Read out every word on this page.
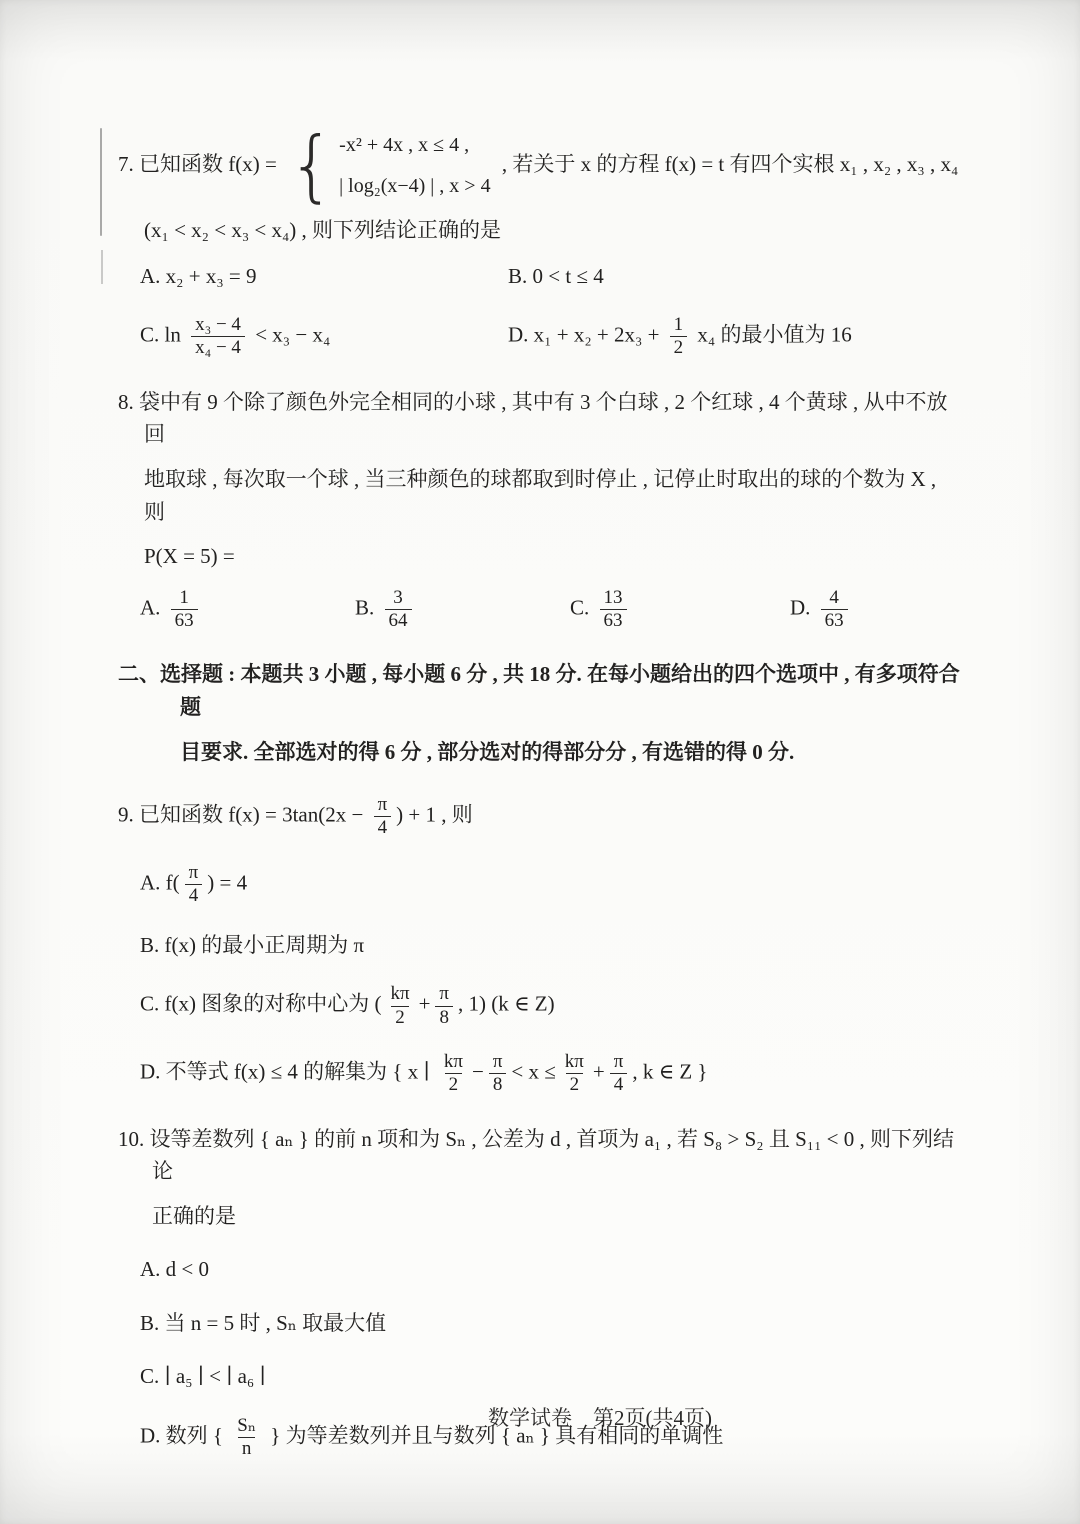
7. 已知函数 f(x) = { -x² + 4x , x ≤ 4 ,
| log₂(x−4) | , x > 4
, 若关于 x 的方程 f(x) = t 有四个实根 x₁ , x₂ , x₃ , x₄
(x₁ < x₂ < x₃ < x₄) , 则下列结论正确的是
A. x₂ + x₃ = 9	B. 0 < t ≤ 4
C. $\ln \frac{\text{x₃ − 4}}{\text{x₄ − 4}} < x_3 - x_4$	D. $x_1 + x_2 + 2x_3 + \frac{1}{2} x_4$ 的最小值为 16
8. 袋中有 9 个除了颜色外完全相同的小球 , 其中有 3 个白球 , 2 个红球 , 4 个黄球 , 从中不放回
地取球 , 每次取一个球 , 当三种颜色的球都取到时停止 , 记停止时取出的球的个数为 X , 则
P(X = 5) =
A. $\frac{1}{63}$	B. $\frac{3}{64}$	C. $\frac{13}{63}$	D. $\frac{4}{63}$
二、选择题 : 本题共 3 小题 , 每小题 6 分 , 共 18 分. 在每小题给出的四个选项中 , 有多项符合题
目要求. 全部选对的得 6 分 , 部分选对的得部分分 , 有选错的得 0 分.
9. 已知函数 $f(x) = 3\tan(2x - \frac{\pi}{4}$ ) + 1 , 则
A. $f( \frac{\pi}{4}$ ) = 4
B. f(x) 的最小正周期为 π
C. f(x) 图象的对称中心为 ( $\frac{k\pi}{2} + \frac{\pi}{8}$ , 1) (k ∈ Z)
D. 不等式 f(x) ≤ 4 的解集为 { x ∣ $\frac{k\pi}{2} - \frac{\pi}{8} < x \le \frac{k\pi}{2} + \frac{\pi}{4}$ , k ∈ Z }
10. 设等差数列 { aₙ } 的前 n 项和为 Sₙ , 公差为 d , 首项为 a₁ , 若 S₈ > S₂ 且 S₁₁ < 0 , 则下列结论
正确的是
A. d < 0
B. 当 n = 5 时 , Sₙ 取最大值
C. ∣ a₅ ∣ < ∣ a₆ ∣
D. 数列 { $\frac{\text{Sₙ}}{n}$ } 为等差数列并且与数列 { aₙ } 具有相同的单调性
数学试卷　第2页(共4页)
